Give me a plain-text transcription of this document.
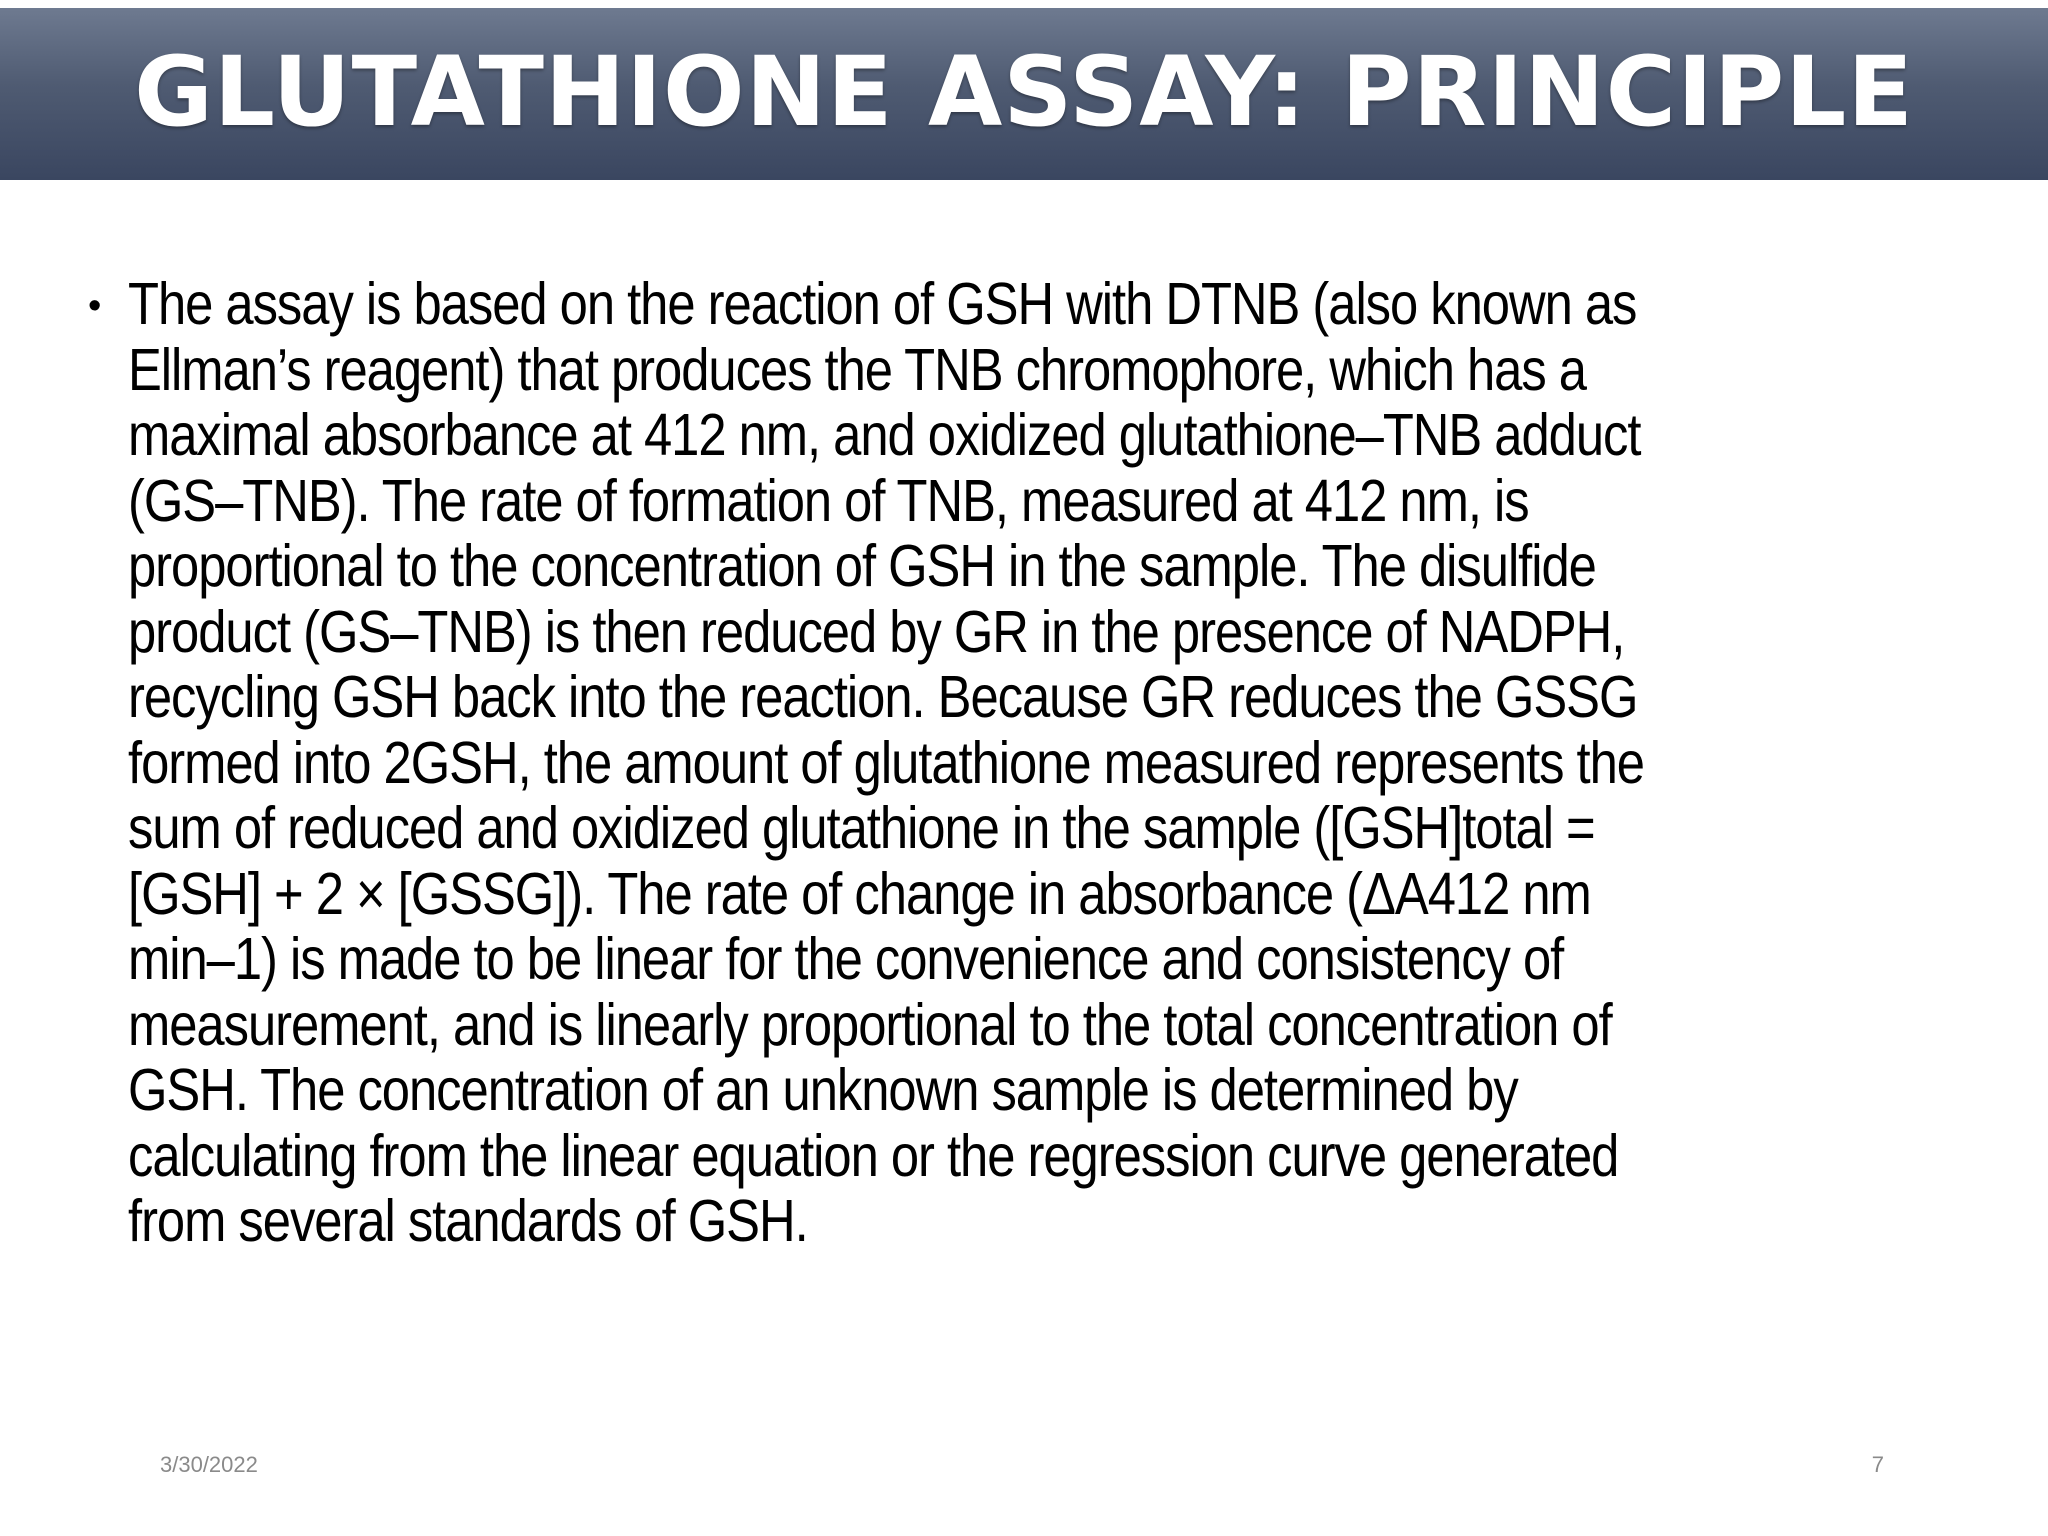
GLUTATHIONE ASSAY: PRINCIPLE
• The assay is based on the reaction of GSH with DTNB (also known as Ellman’s reagent) that produces the TNB chromophore, which has a maximal absorbance at 412 nm, and oxidized glutathione–TNB adduct (GS–TNB). The rate of formation of TNB, measured at 412 nm, is proportional to the concentration of GSH in the sample. The disulfide product (GS–TNB) is then reduced by GR in the presence of NADPH, recycling GSH back into the reaction. Because GR reduces the GSSG formed into 2GSH, the amount of glutathione measured represents the sum of reduced and oxidized glutathione in the sample ([GSH]total =[GSH] + 2 × [GSSG]). The rate of change in absorbance (ΔA412 nm min–1) is made to be linear for the convenience and consistency of measurement, and is linearly proportional to the total concentration of GSH. The concentration of an unknown sample is determined by calculating from the linear equation or the regression curve generated from several standards of GSH.

3/30/2022	7
